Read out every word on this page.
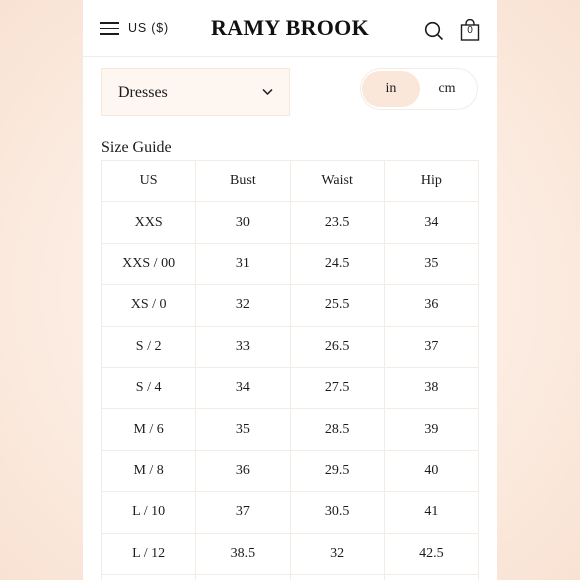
US ($)	RAMY BROOK	0
Dresses	in	cm
Size Guide
US	Bust	Waist	Hip
XXS	30	23.5	34
XXS / 00	31	24.5	35
XS / 0	32	25.5	36
S / 2	33	26.5	37
S / 4	34	27.5	38
M / 6	35	28.5	39
M / 8	36	29.5	40
L / 10	37	30.5	41
L / 12	38.5	32	42.5
